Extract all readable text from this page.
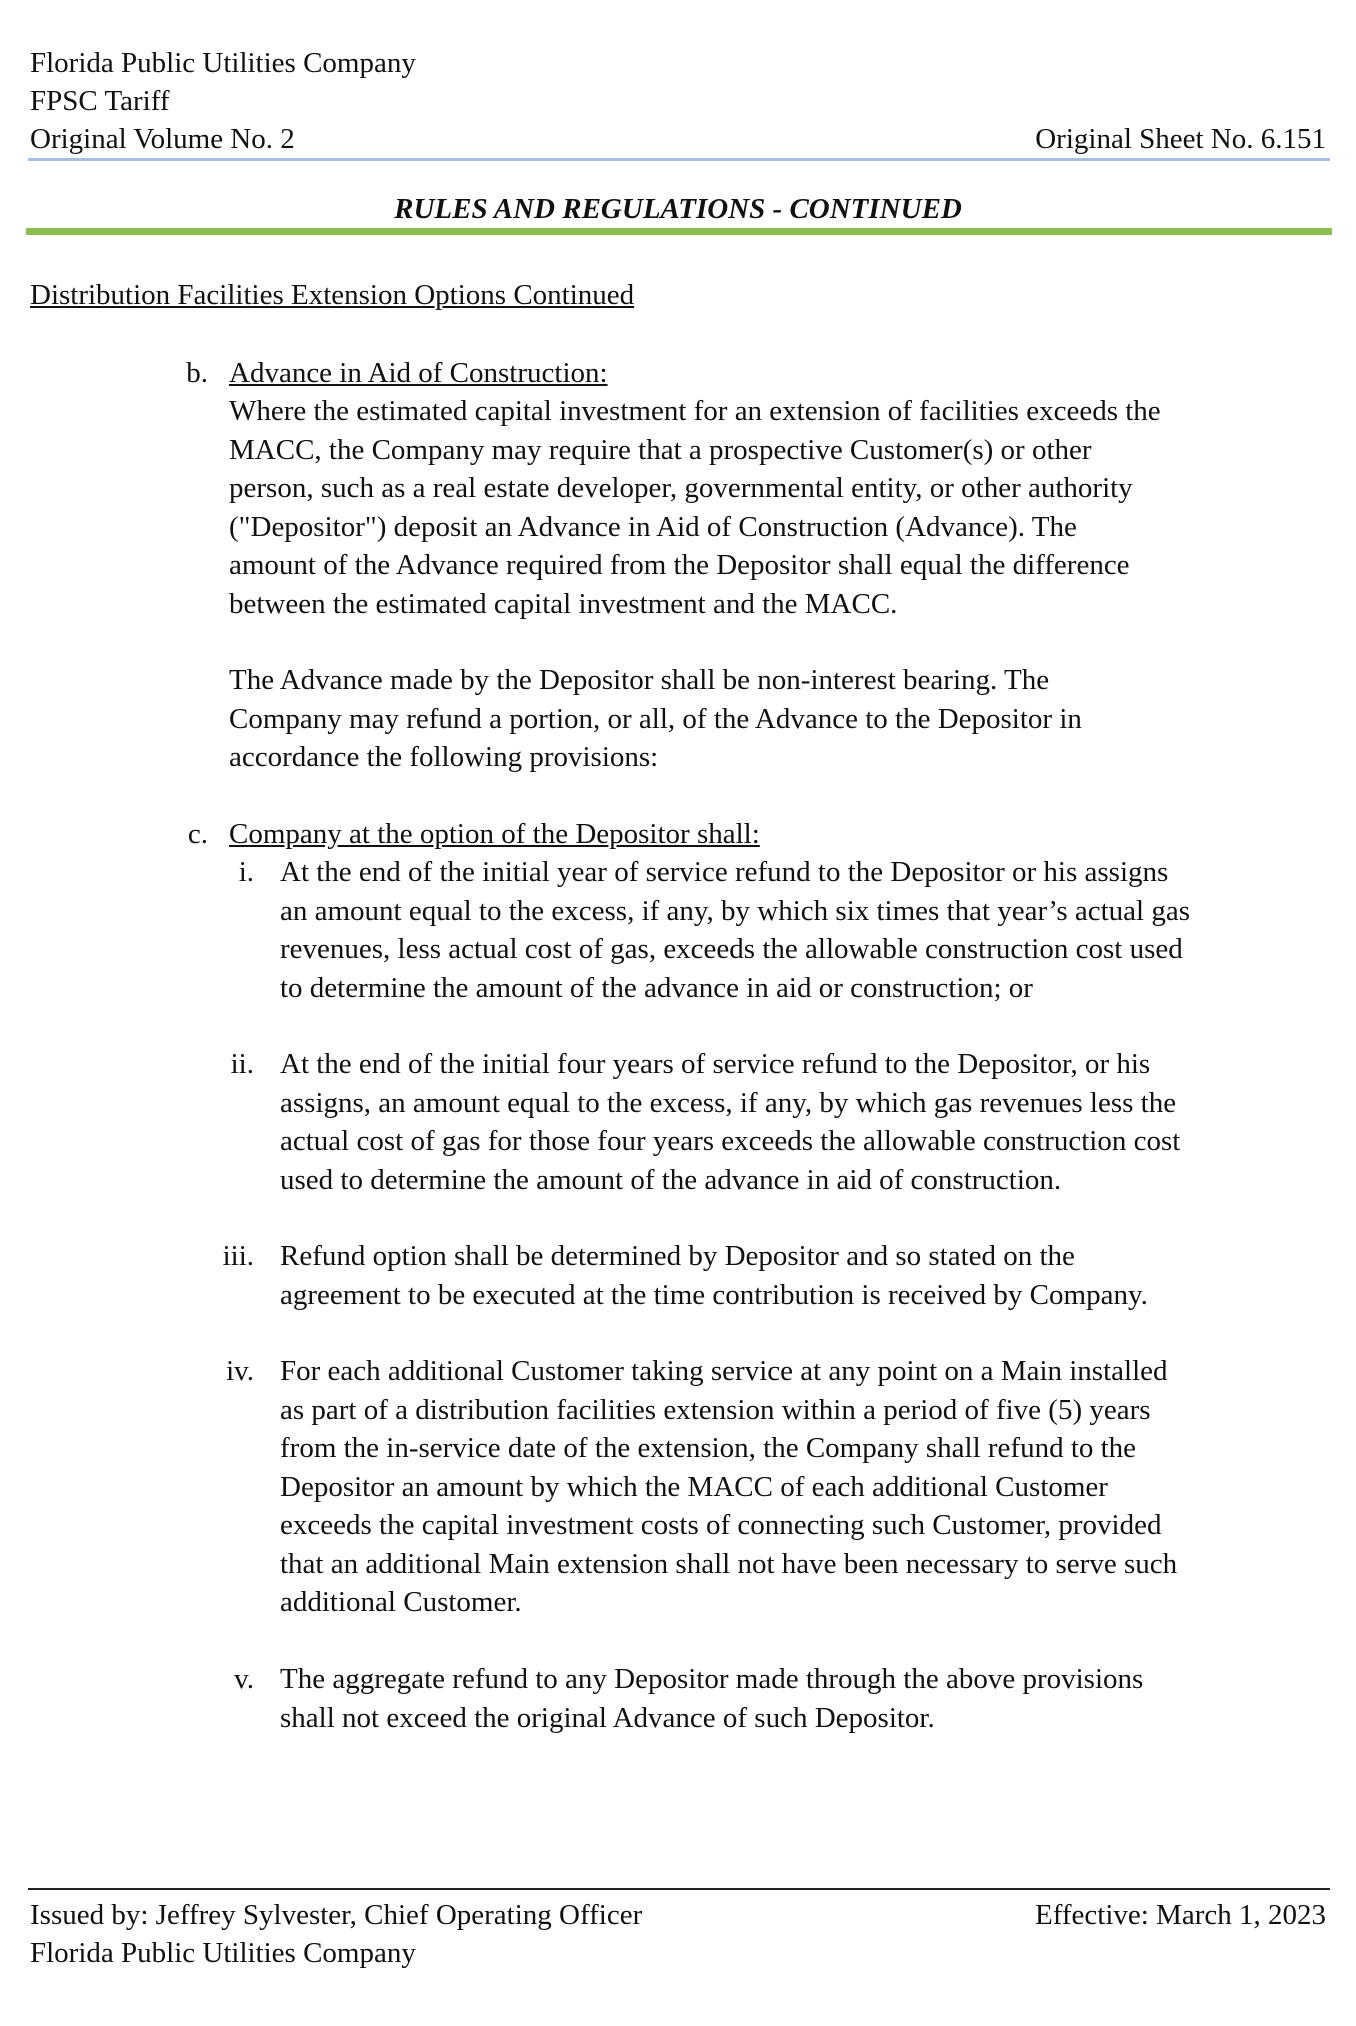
Florida Public Utilities Company
FPSC Tariff
Original Volume No. 2	Original Sheet No. 6.151
RULES AND REGULATIONS - CONTINUED
Distribution Facilities Extension Options Continued
b. Advance in Aid of Construction:
Where the estimated capital investment for an extension of facilities exceeds the
MACC, the Company may require that a prospective Customer(s) or other
person, such as a real estate developer, governmental entity, or other authority
("Depositor") deposit an Advance in Aid of Construction (Advance). The
amount of the Advance required from the Depositor shall equal the difference
between the estimated capital investment and the MACC.
The Advance made by the Depositor shall be non-interest bearing. The
Company may refund a portion, or all, of the Advance to the Depositor in
accordance the following provisions:
c. Company at the option of the Depositor shall:
i. At the end of the initial year of service refund to the Depositor or his assigns
an amount equal to the excess, if any, by which six times that year’s actual gas
revenues, less actual cost of gas, exceeds the allowable construction cost used
to determine the amount of the advance in aid or construction; or
ii. At the end of the initial four years of service refund to the Depositor, or his
assigns, an amount equal to the excess, if any, by which gas revenues less the
actual cost of gas for those four years exceeds the allowable construction cost
used to determine the amount of the advance in aid of construction.
iii. Refund option shall be determined by Depositor and so stated on the
agreement to be executed at the time contribution is received by Company.
iv. For each additional Customer taking service at any point on a Main installed
as part of a distribution facilities extension within a period of five (5) years
from the in-service date of the extension, the Company shall refund to the
Depositor an amount by which the MACC of each additional Customer
exceeds the capital investment costs of connecting such Customer, provided
that an additional Main extension shall not have been necessary to serve such
additional Customer.
v. The aggregate refund to any Depositor made through the above provisions
shall not exceed the original Advance of such Depositor.
Issued by: Jeffrey Sylvester, Chief Operating Officer
Florida Public Utilities Company
Effective: March 1, 2023
